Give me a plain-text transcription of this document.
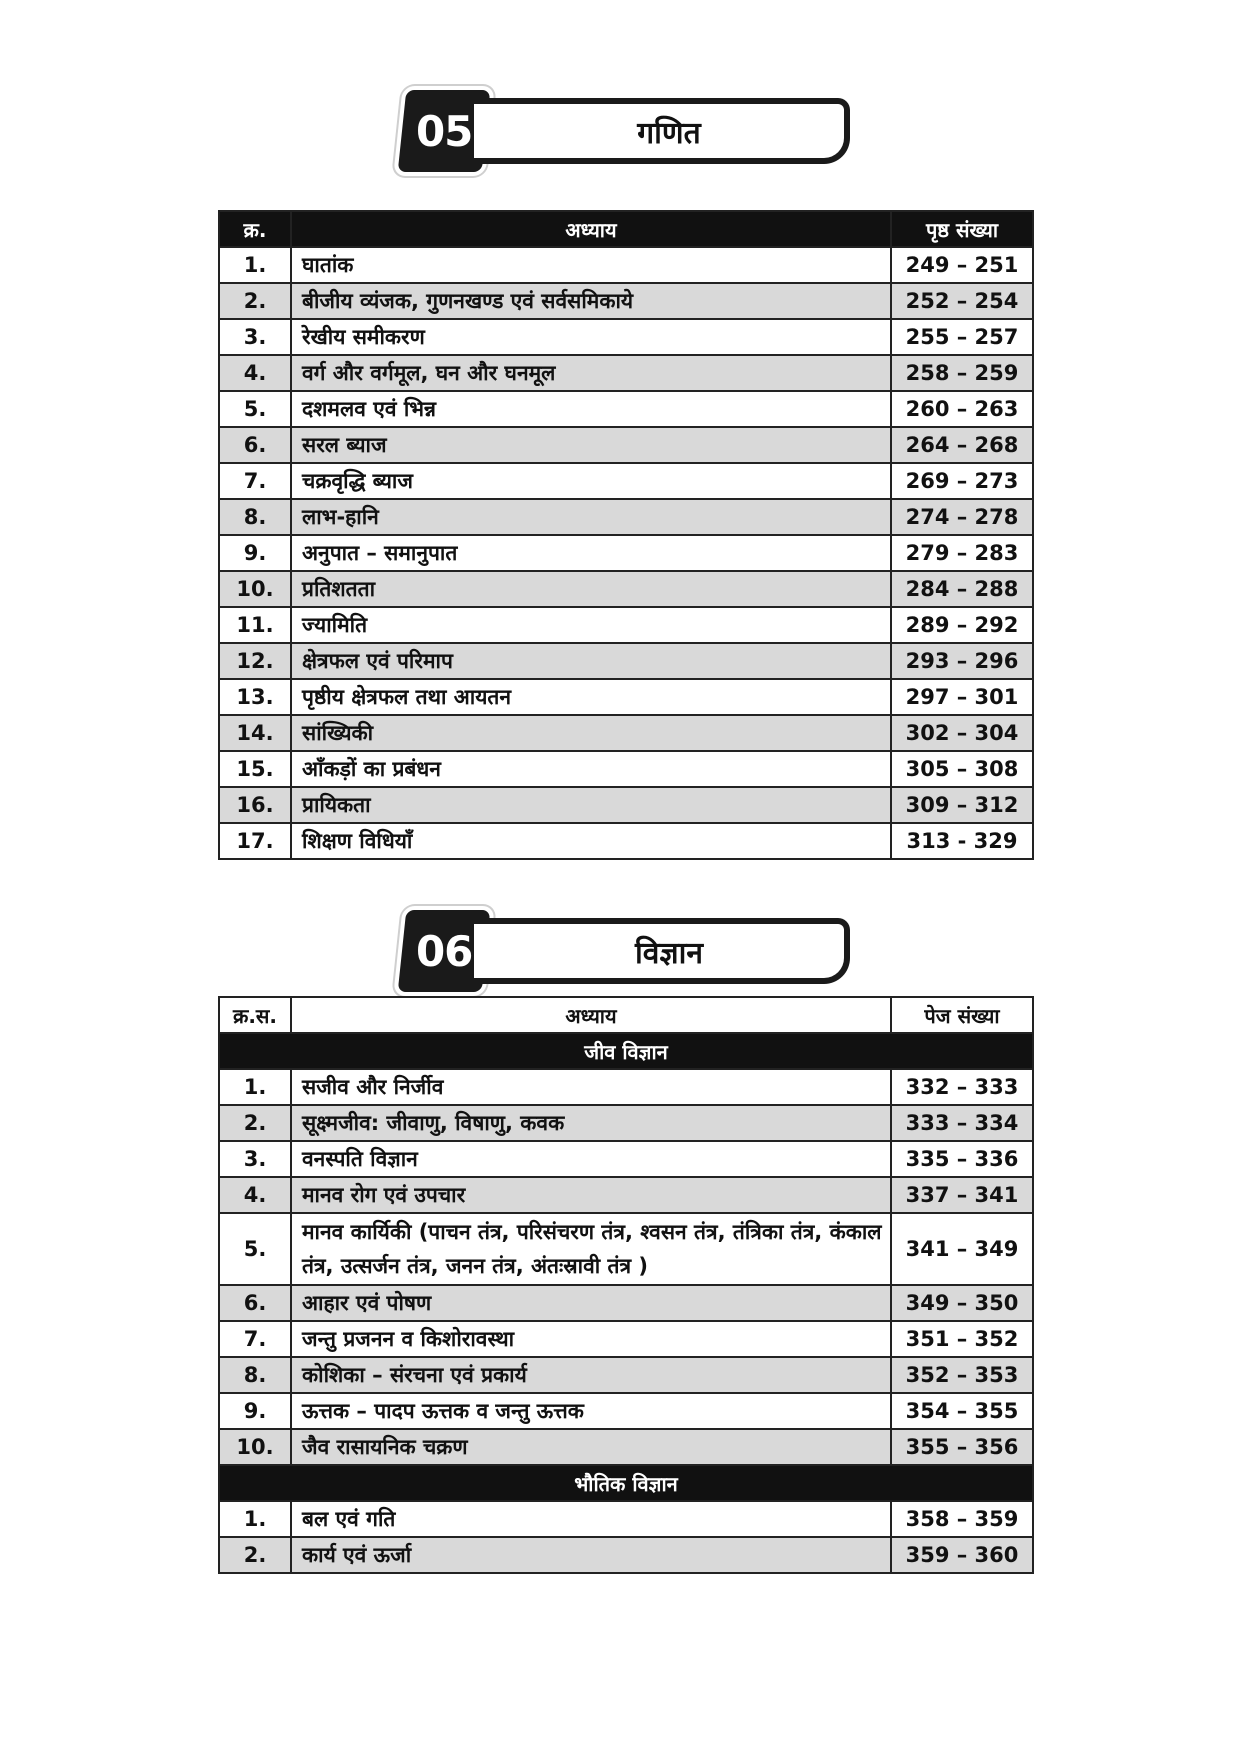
05	गणित
क्र.	अध्याय	पृष्ठ संख्या
1.	घातांक	249 – 251
2.	बीजीय व्यंजक, गुणनखण्ड एवं सर्वसमिकाये	252 – 254
3.	रेखीय समीकरण	255 – 257
4.	वर्ग और वर्गमूल, घन और घनमूल	258 – 259
5.	दशमलव एवं भिन्न	260 – 263
6.	सरल ब्याज	264 – 268
7.	चक्रवृद्धि ब्याज	269 – 273
8.	लाभ-हानि	274 – 278
9.	अनुपात – समानुपात	279 – 283
10.	प्रतिशतता	284 – 288
11.	ज्यामिति	289 – 292
12.	क्षेत्रफल एवं परिमाप	293 – 296
13.	पृष्ठीय क्षेत्रफल तथा आयतन	297 – 301
14.	सांख्यिकी	302 – 304
15.	आँकड़ों का प्रबंधन	305 – 308
16.	प्रायिकता	309 – 312
17.	शिक्षण विधियाँ	313 - 329
06	विज्ञान
क्र.स.	अध्याय	पेज संख्या
जीव विज्ञान		
1.	सजीव और निर्जीव	332 – 333
2.	सूक्ष्मजीव: जीवाणु, विषाणु, कवक	333 – 334
3.	वनस्पति विज्ञान	335 – 336
4.	मानव रोग एवं उपचार	337 – 341
5.	मानव कार्यिकी (पाचन तंत्र, परिसंचरण तंत्र, श्वसन तंत्र, तंत्रिका तंत्र, कंकाल तंत्र, उत्सर्जन तंत्र, जनन तंत्र, अंतःस्रावी तंत्र )	341 – 349
6.	आहार एवं पोषण	349 – 350
7.	जन्तु प्रजनन व किशोरावस्था	351 – 352
8.	कोशिका – संरचना एवं प्रकार्य	352 – 353
9.	ऊत्तक – पादप ऊत्तक व जन्तु ऊत्तक	354 – 355
10.	जैव रासायनिक चक्रण	355 – 356
भौतिक विज्ञान		
1.	बल एवं गति	358 – 359
2.	कार्य एवं ऊर्जा	359 – 360
